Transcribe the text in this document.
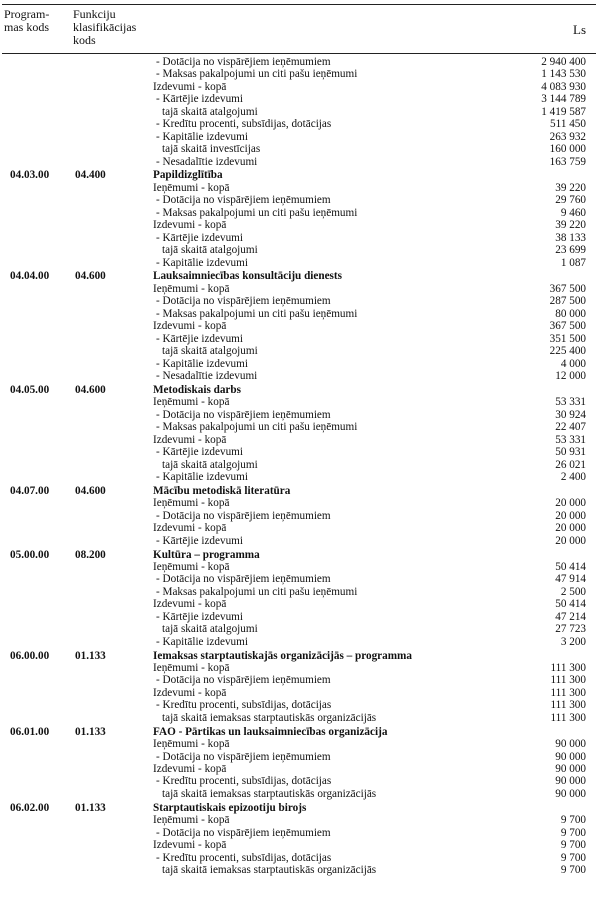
Program-
mas kods
Funkciju
klasifikācijas
kods
Ls
- Dotācija no vispārējiem ieņēmumiem	2 940 400
- Maksas pakalpojumi un citi pašu ieņēmumi	1 143 530
Izdevumi - kopā	4 083 930
- Kārtējie izdevumi	3 144 789
tajā skaitā atalgojumi	1 419 587
- Kredītu procenti, subsīdijas, dotācijas	511 450
- Kapitālie izdevumi	263 932
tajā skaitā investīcijas	160 000
- Nesadalītie izdevumi	163 759
04.03.00 04.400	Papildizglītība
Ieņēmumi - kopā	39 220
- Dotācija no vispārējiem ieņēmumiem	29 760
- Maksas pakalpojumi un citi pašu ieņēmumi	9 460
Izdevumi - kopā	39 220
- Kārtējie izdevumi	38 133
tajā skaitā atalgojumi	23 699
- Kapitālie izdevumi	1 087
04.04.00 04.600	Lauksaimniecības konsultāciju dienests
Ieņēmumi - kopā	367 500
- Dotācija no vispārējiem ieņēmumiem	287 500
- Maksas pakalpojumi un citi pašu ieņēmumi	80 000
Izdevumi - kopā	367 500
- Kārtējie izdevumi	351 500
tajā skaitā atalgojumi	225 400
- Kapitālie izdevumi	4 000
- Nesadalītie izdevumi	12 000
04.05.00 04.600	Metodiskais darbs
Ieņēmumi - kopā	53 331
- Dotācija no vispārējiem ieņēmumiem	30 924
- Maksas pakalpojumi un citi pašu ieņēmumi	22 407
Izdevumi - kopā	53 331
- Kārtējie izdevumi	50 931
tajā skaitā atalgojumi	26 021
- Kapitālie izdevumi	2 400
04.07.00 04.600	Mācību metodiskā literatūra
Ieņēmumi - kopā	20 000
- Dotācija no vispārējiem ieņēmumiem	20 000
Izdevumi - kopā	20 000
- Kārtējie izdevumi	20 000
05.00.00 08.200	Kultūra – programma
Ieņēmumi - kopā	50 414
- Dotācija no vispārējiem ieņēmumiem	47 914
- Maksas pakalpojumi un citi pašu ieņēmumi	2 500
Izdevumi - kopā	50 414
- Kārtējie izdevumi	47 214
tajā skaitā atalgojumi	27 723
- Kapitālie izdevumi	3 200
06.00.00 01.133	Iemaksas starptautiskajās organizācijās – programma
Ieņēmumi - kopā	111 300
- Dotācija no vispārējiem ieņēmumiem	111 300
Izdevumi - kopā	111 300
- Kredītu procenti, subsīdijas, dotācijas	111 300
tajā skaitā iemaksas starptautiskās organizācijās	111 300
06.01.00 01.133	FAO - Pārtikas un lauksaimniecības organizācija
Ieņēmumi - kopā	90 000
- Dotācija no vispārējiem ieņēmumiem	90 000
Izdevumi - kopā	90 000
- Kredītu procenti, subsīdijas, dotācijas	90 000
tajā skaitā iemaksas starptautiskās organizācijās	90 000
06.02.00 01.133	Starptautiskais epizootiju birojs
Ieņēmumi - kopā	9 700
- Dotācija no vispārējiem ieņēmumiem	9 700
Izdevumi - kopā	9 700
- Kredītu procenti, subsīdijas, dotācijas	9 700
tajā skaitā iemaksas starptautiskās organizācijās	9 700
